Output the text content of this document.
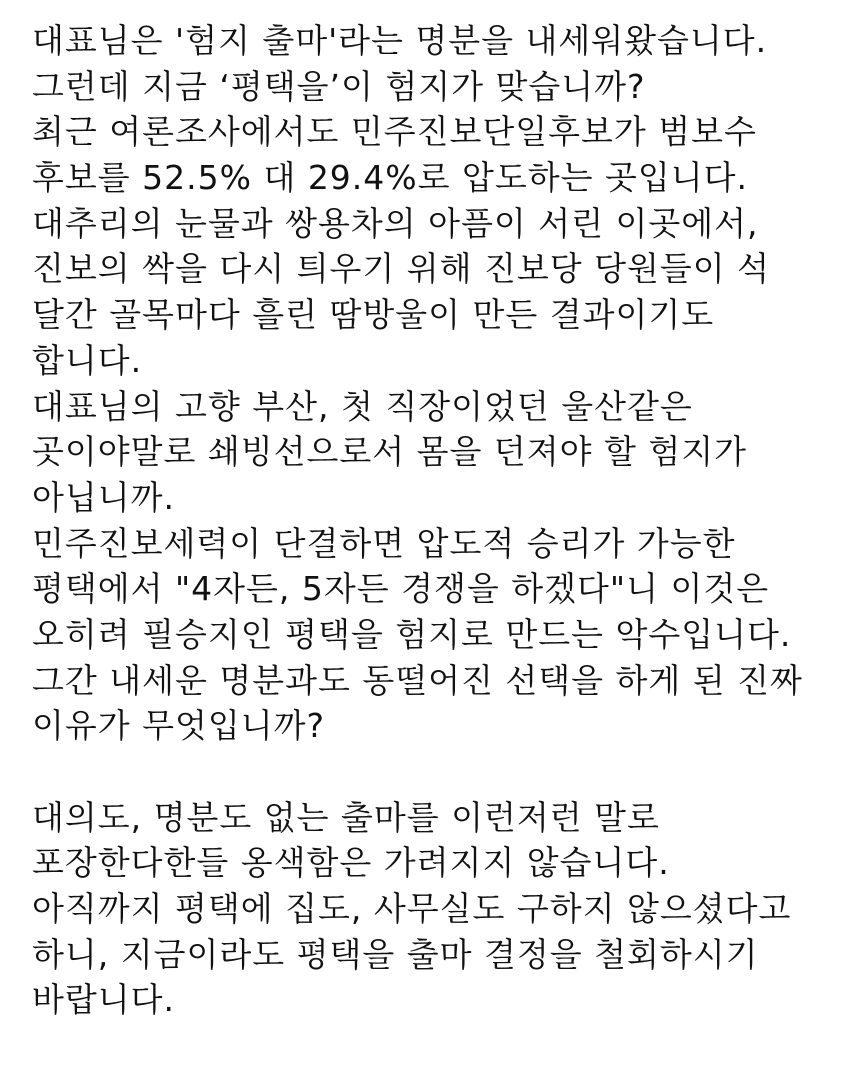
대표님은 '험지 출마'라는 명분을 내세워왔습니다.
그런데 지금 ‘평택을’이 험지가 맞습니까?
최근 여론조사에서도 민주진보단일후보가 범보수
후보를 52.5% 대 29.4%로 압도하는 곳입니다.
대추리의 눈물과 쌍용차의 아픔이 서린 이곳에서,
진보의 싹을 다시 틔우기 위해 진보당 당원들이 석
달간 골목마다 흘린 땀방울이 만든 결과이기도
합니다.
대표님의 고향 부산, 첫 직장이었던 울산같은
곳이야말로 쇄빙선으로서 몸을 던져야 할 험지가
아닙니까.
민주진보세력이 단결하면 압도적 승리가 가능한
평택에서 "4자든, 5자든 경쟁을 하겠다"니 이것은
오히려 필승지인 평택을 험지로 만드는 악수입니다.
그간 내세운 명분과도 동떨어진 선택을 하게 된 진짜
이유가 무엇입니까?
대의도, 명분도 없는 출마를 이런저런 말로
포장한다한들 옹색함은 가려지지 않습니다.
아직까지 평택에 집도, 사무실도 구하지 않으셨다고
하니, 지금이라도 평택을 출마 결정을 철회하시기
바랍니다.
